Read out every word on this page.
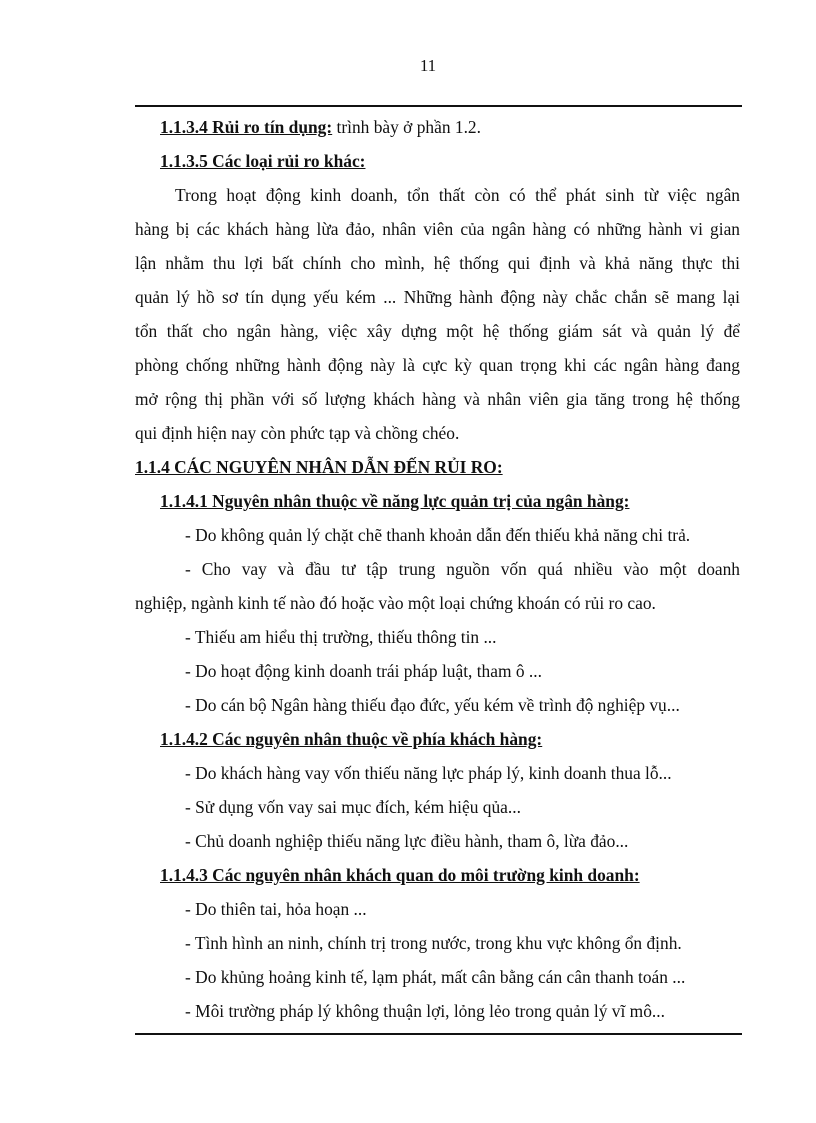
11
1.1.3.4 Rủi ro tín dụng: trình bày ở phần 1.2.
1.1.3.5 Các loại rủi ro khác:
Trong hoạt động kinh doanh, tổn thất còn có thể phát sinh từ việc ngân
hàng bị các khách hàng lừa đảo, nhân viên của ngân hàng có những hành vi gian
lận nhằm thu lợi bất chính cho mình, hệ thống qui định và khả năng thực thi
quản lý hồ sơ tín dụng yếu kém ... Những hành động này chắc chắn sẽ mang lại
tổn thất cho ngân hàng, việc xây dựng một hệ thống giám sát và quản lý để
phòng chống những hành động này là cực kỳ quan trọng khi các ngân hàng đang
mở rộng thị phần với số lượng khách hàng và nhân viên gia tăng trong hệ thống
qui định hiện nay còn phức tạp và chồng chéo.
1.1.4 CÁC NGUYÊN NHÂN DẪN ĐẾN RỦI RO:
1.1.4.1 Nguyên nhân thuộc về năng lực quản trị của ngân hàng:
- Do không quản lý chặt chẽ thanh khoản dẫn đến thiếu khả năng chi trả.
- Cho vay và đầu tư tập trung nguồn vốn quá nhiều vào một doanh
nghiệp, ngành kinh tế nào đó hoặc vào một loại chứng khoán có rủi ro cao.
- Thiếu am hiểu thị trường, thiếu thông tin ...
- Do hoạt động kinh doanh trái pháp luật, tham ô ...
- Do cán bộ Ngân hàng thiếu đạo đức, yếu kém về trình độ nghiệp vụ...
1.1.4.2 Các nguyên nhân thuộc về phía khách hàng:
- Do khách hàng vay vốn thiếu năng lực pháp lý, kinh doanh thua lỗ...
- Sử dụng vốn vay sai mục đích, kém hiệu qủa...
- Chủ doanh nghiệp thiếu năng lực điều hành, tham ô, lừa đảo...
1.1.4.3 Các nguyên nhân khách quan do môi trường kinh doanh:
- Do thiên tai, hỏa hoạn ...
- Tình hình an ninh, chính trị trong nước, trong khu vực không ổn định.
- Do khủng hoảng kinh tế, lạm phát, mất cân bằng cán cân thanh toán ...
- Môi trường pháp lý không thuận lợi, lỏng lẻo trong quản lý vĩ mô...
